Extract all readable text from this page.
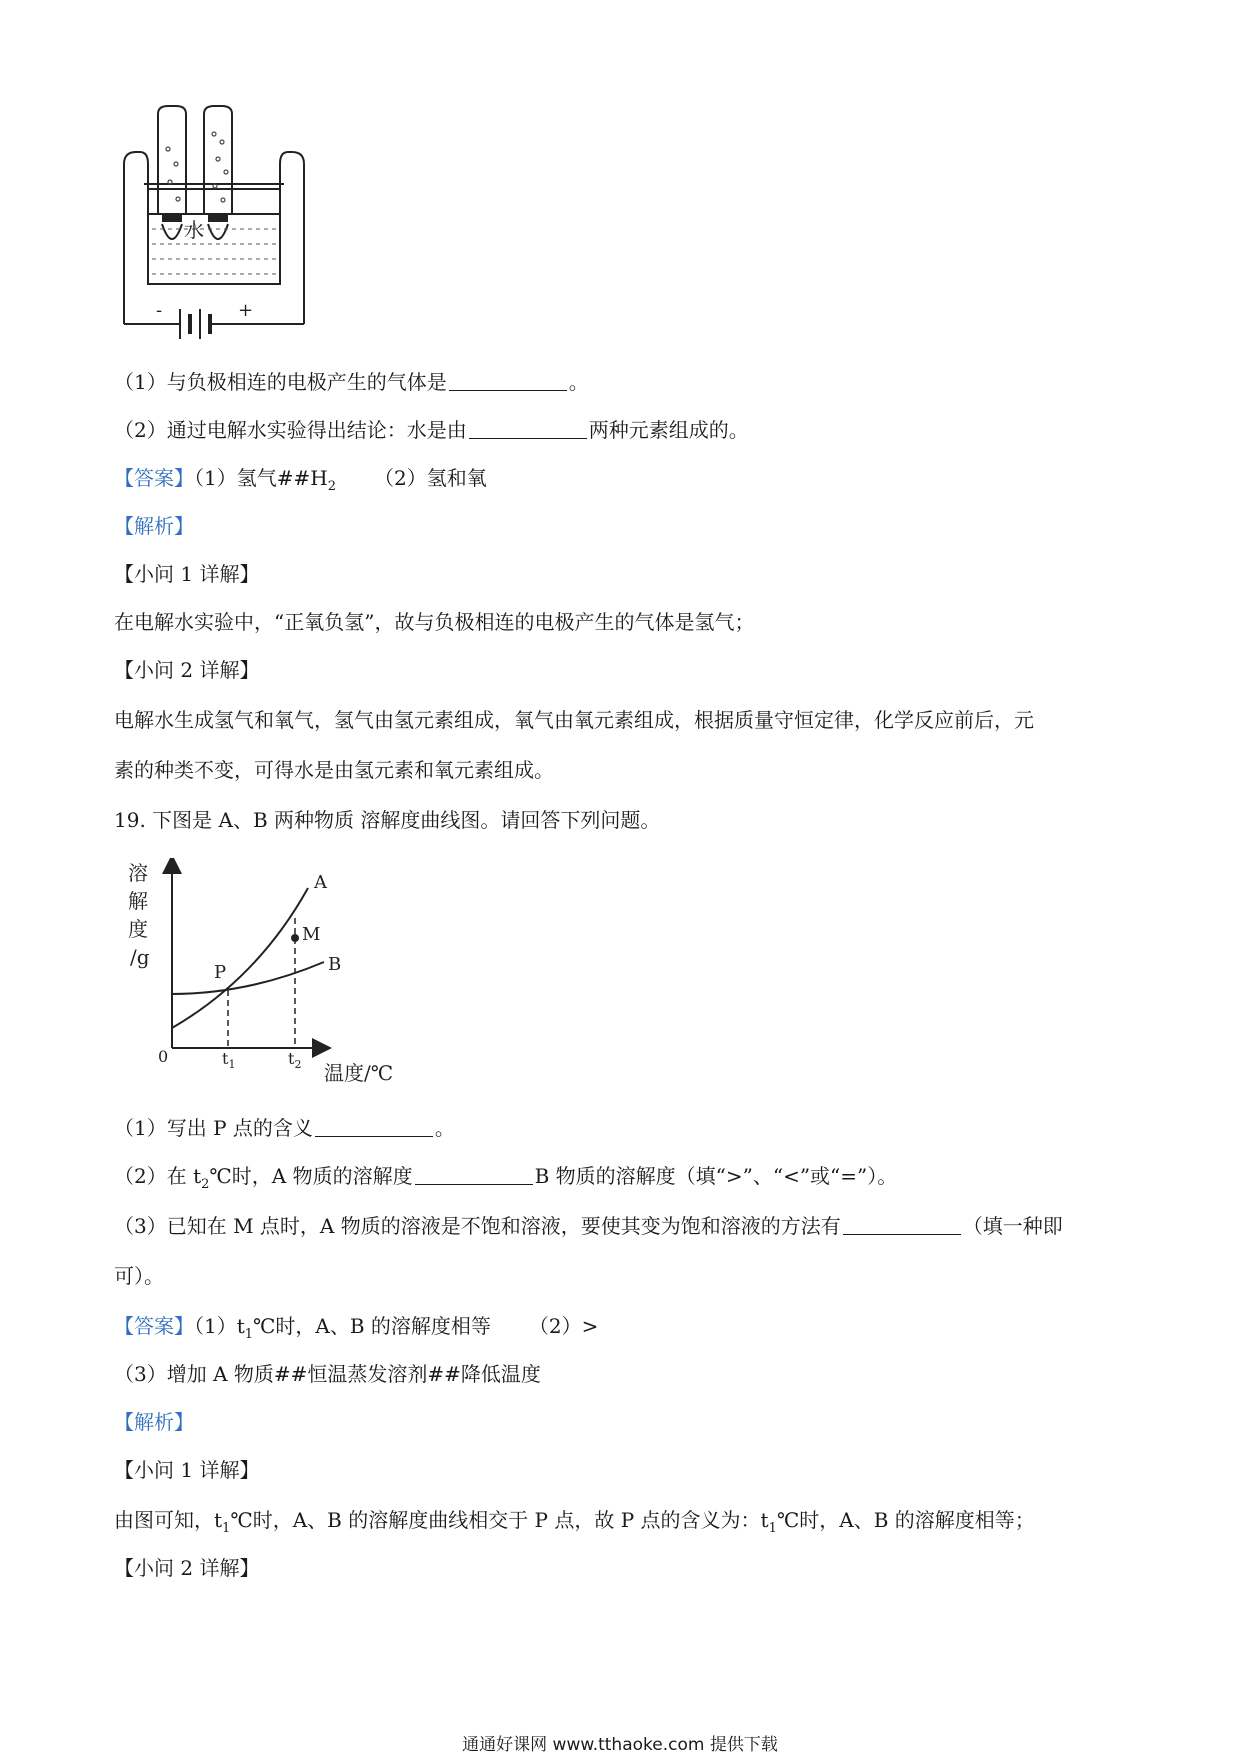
水
-	+
（1）与负极相连的电极产生的气体是	。
（2）通过电解水实验得出结论：水是由	两种元素组成的。
【答案】（1）氢气$\#\#H_2$ （2）氢和氧
【解析】
【小问 1 详解】
在电解水实验中，“正氧负氢”，故与负极相连的电极产生的气体是氢气；
【小问 2 详解】
电解水生成氢气和氧气，氢气由氢元素组成，氧气由氧元素组成，根据质量守恒定律，化学反应前后，元
素的种类不变，可得水是由氢元素和氧元素组成。
19. 下图是 A、B 两种物质 溶解度曲线图。请回答下列问题。
溶
解
度
/g
0	$t_1$	$t_2$ 温度/℃
A
B
P
M
（1）写出 P 点的含义	。
（2）在 $t_2℃$时，A 物质的溶解度	B 物质的溶解度（填“>”、“<”或“=”）。
（3）已知在 M 点时，A 物质的溶液是不饱和溶液，要使其变为饱和溶液的方法有	（填一种即
可）。
【答案】$(1)t_1℃$时，A、B 的溶解度相等 （2）>
（3）增加 A 物质##恒温蒸发溶剂##降低温度
【解析】
【小问 1 详解】
由图可知，$t_1℃$时，A、B 的溶解度曲线相交于 P 点，故 P 点的含义为：$t_1℃$时，A、B 的溶解度相等；
【小问 2 详解】
通通好课网 www.tthaoke.com 提供下载
